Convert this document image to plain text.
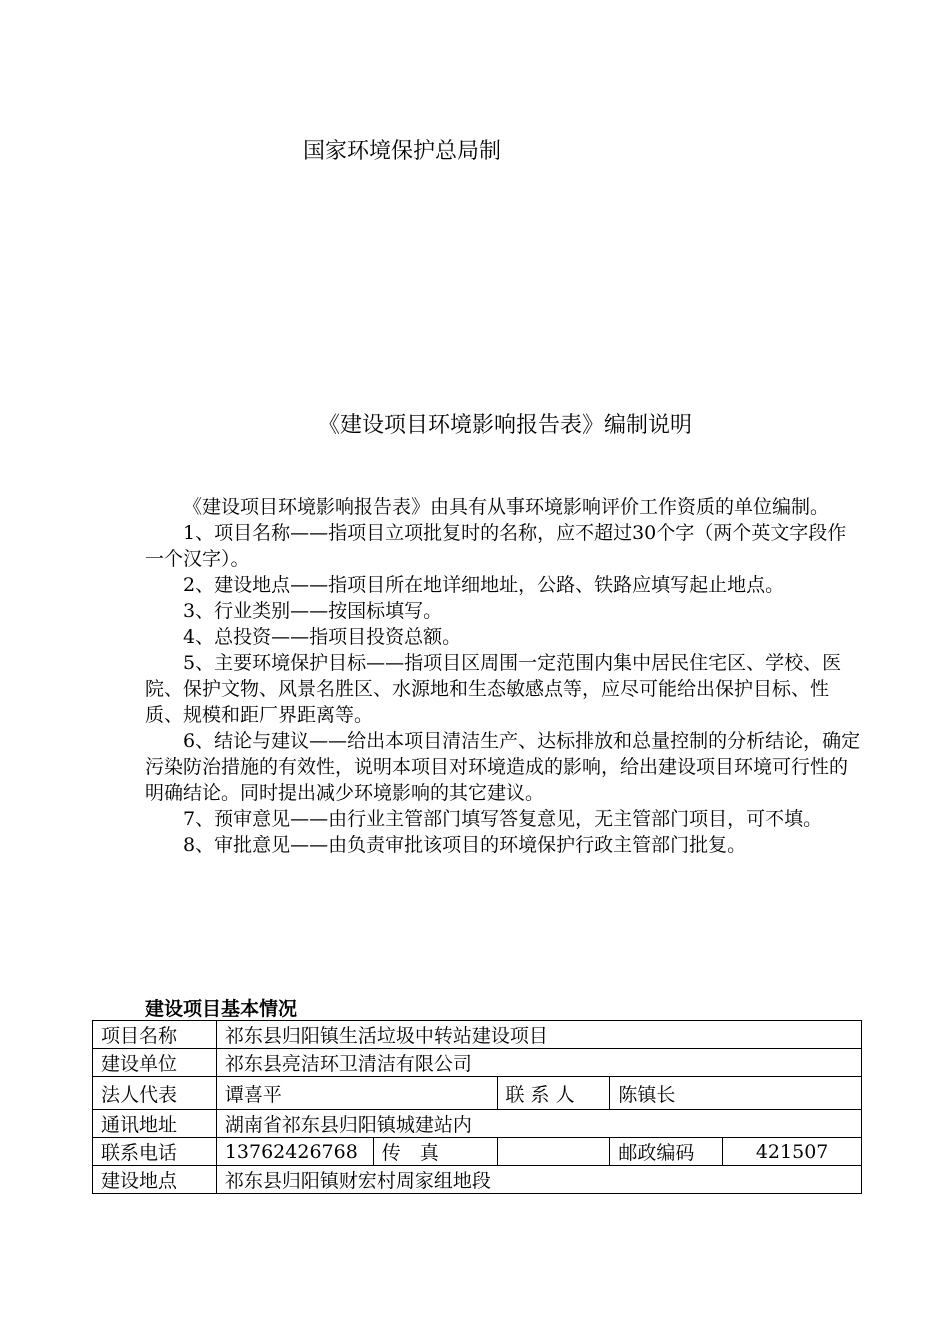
国家环境保护总局制
《建设项目环境影响报告表》编制说明

《建设项目环境影响报告表》由具有从事环境影响评价工作资质的单位编制。

1、项目名称——指项目立项批复时的名称，应不超过30个字（两个英文字段作一个汉字）。

2、建设地点——指项目所在地详细地址，公路、铁路应填写起止地点。

3、行业类别——按国标填写。

4、总投资——指项目投资总额。

5、主要环境保护目标——指项目区周围一定范围内集中居民住宅区、学校、医院、保护文物、风景名胜区、水源地和生态敏感点等，应尽可能给出保护目标、性质、规模和距厂界距离等。

6、结论与建议——给出本项目清洁生产、达标排放和总量控制的分析结论，确定污染防治措施的有效性，说明本项目对环境造成的影响，给出建设项目环境可行性的明确结论。同时提出减少环境影响的其它建议。

7、预审意见——由行业主管部门填写答复意见，无主管部门项目，可不填。

8、审批意见——由负责审批该项目的环境保护行政主管部门批复。

建设项目基本情况
项目名称	祁东县归阳镇生活垃圾中转站建设项目				
建设单位	祁东县亮洁环卫清洁有限公司				
法人代表	谭喜平		联 系 人	陈镇长	
通讯地址	湖南省祁东县归阳镇城建站内				
联系电话	13762426768	传　真		邮政编码	421507
建设地点	祁东县归阳镇财宏村周家组地段				
